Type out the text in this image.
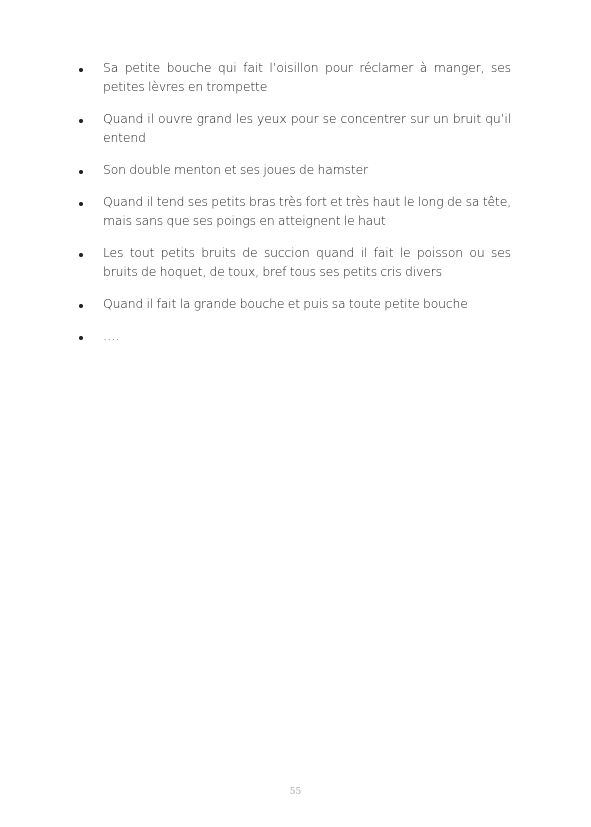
Sa petite bouche qui fait l’oisillon pour réclamer à manger, ses petites lèvres en trompette
Quand il ouvre grand les yeux pour se concentrer sur un bruit qu’il entend
Son double menton et ses joues de hamster
Quand il tend ses petits bras très fort et très haut le long de sa tête, mais sans que ses poings en atteignent le haut
Les tout petits bruits de succion quand il fait le poisson ou ses bruits de hoquet, de toux, bref tous ses petits cris divers
Quand il fait la grande bouche et puis sa toute petite bouche
….
55
